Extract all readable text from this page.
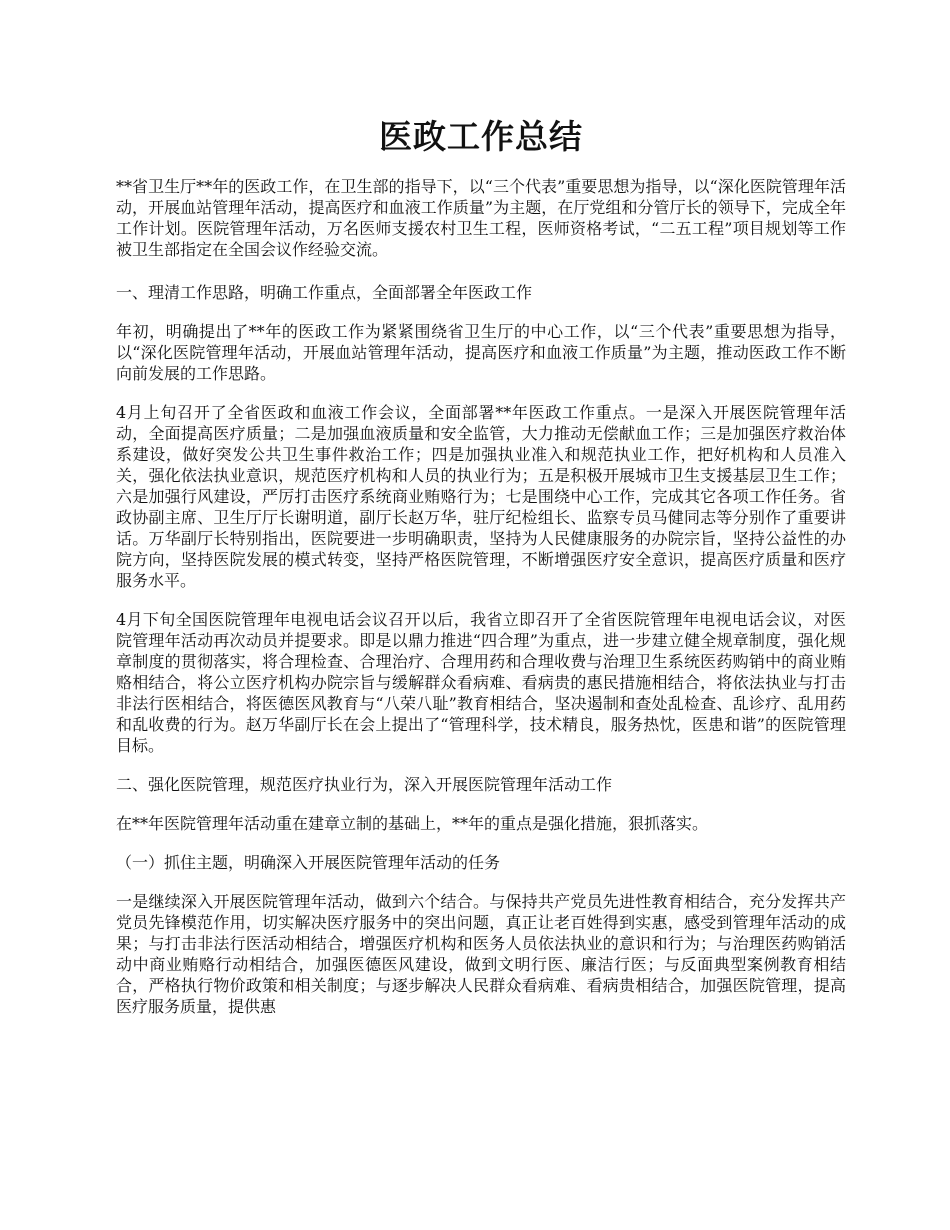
医政工作总结

**省卫生厅**年的医政工作，在卫生部的指导下，以“三个代表”重要思想为指导，以“深化医院管理年活动，开展血站管理年活动，提高医疗和血液工作质量”为主题，在厅党组和分管厅长的领导下，完成全年工作计划。医院管理年活动，万名医师支援农村卫生工程，医师资格考试，“二五工程”项目规划等工作被卫生部指定在全国会议作经验交流。

一、理清工作思路，明确工作重点，全面部署全年医政工作

年初，明确提出了**年的医政工作为紧紧围绕省卫生厅的中心工作，以“三个代表”重要思想为指导，以“深化医院管理年活动，开展血站管理年活动，提高医疗和血液工作质量”为主题，推动医政工作不断向前发展的工作思路。

4月上旬召开了全省医政和血液工作会议，全面部署**年医政工作重点。一是深入开展医院管理年活动，全面提高医疗质量；二是加强血液质量和安全监管，大力推动无偿献血工作；三是加强医疗救治体系建设，做好突发公共卫生事件救治工作；四是加强执业准入和规范执业工作，把好机构和人员准入关，强化依法执业意识，规范医疗机构和人员的执业行为；五是积极开展城市卫生支援基层卫生工作；六是加强行风建设，严厉打击医疗系统商业贿赂行为；七是围绕中心工作，完成其它各项工作任务。省政协副主席、卫生厅厅长谢明道，副厅长赵万华，驻厅纪检组长、监察专员马健同志等分别作了重要讲话。万华副厅长特别指出，医院要进一步明确职责，坚持为人民健康服务的办院宗旨，坚持公益性的办院方向，坚持医院发展的模式转变，坚持严格医院管理，不断增强医疗安全意识，提高医疗质量和医疗服务水平。

4月下旬全国医院管理年电视电话会议召开以后，我省立即召开了全省医院管理年电视电话会议，对医院管理年活动再次动员并提要求。即是以鼎力推进“四合理”为重点，进一步建立健全规章制度，强化规章制度的贯彻落实，将合理检查、合理治疗、合理用药和合理收费与治理卫生系统医药购销中的商业贿赂相结合，将公立医疗机构办院宗旨与缓解群众看病难、看病贵的惠民措施相结合，将依法执业与打击非法行医相结合，将医德医风教育与“八荣八耻”教育相结合，坚决遏制和查处乱检查、乱诊疗、乱用药和乱收费的行为。赵万华副厅长在会上提出了“管理科学，技术精良，服务热忱，医患和谐”的医院管理目标。

二、强化医院管理，规范医疗执业行为，深入开展医院管理年活动工作

在**年医院管理年活动重在建章立制的基础上，**年的重点是强化措施，狠抓落实。

（一）抓住主题，明确深入开展医院管理年活动的任务

一是继续深入开展医院管理年活动，做到六个结合。与保持共产党员先进性教育相结合，充分发挥共产党员先锋模范作用，切实解决医疗服务中的突出问题，真正让老百姓得到实惠，感受到管理年活动的成果；与打击非法行医活动相结合，增强医疗机构和医务人员依法执业的意识和行为；与治理医药购销活动中商业贿赂行动相结合，加强医德医风建设，做到文明行医、廉洁行医；与反面典型案例教育相结合，严格执行物价政策和相关制度；与逐步解决人民群众看病难、看病贵相结合，加强医院管理，提高医疗服务质量，提供惠
